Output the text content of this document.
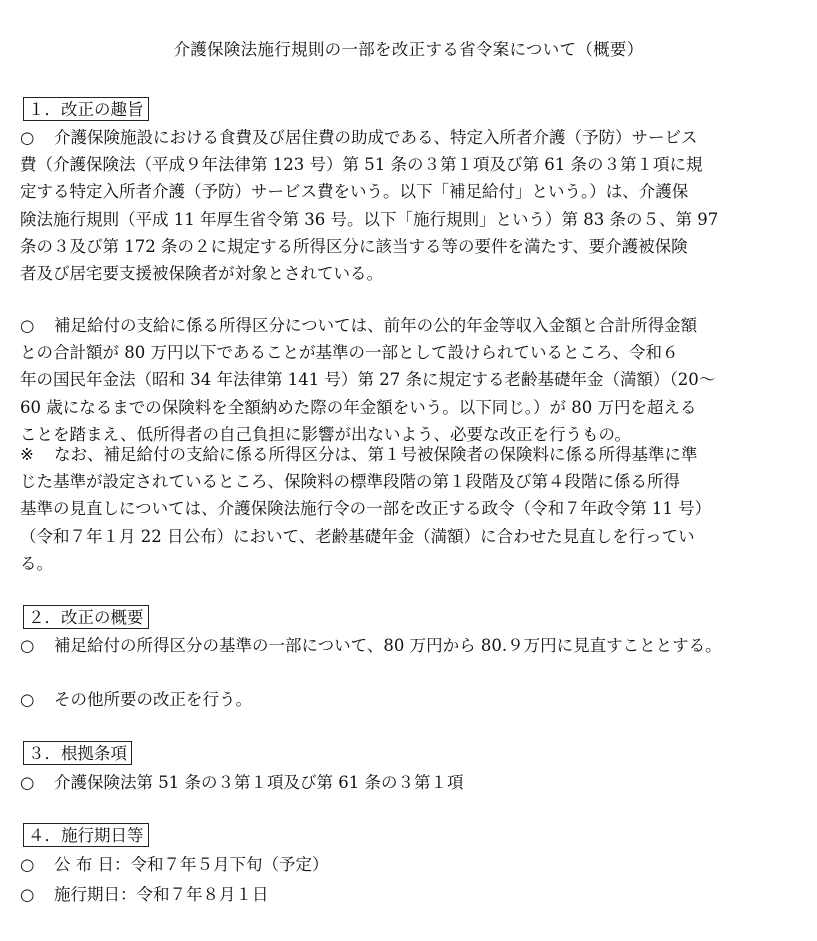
介護保険法施行規則の一部を改正する省令案について（概要）
１．改正の趣旨
○ 介護保険施設における食費及び居住費の助成である、特定入所者介護（予防）サービス
費（介護保険法（平成９年法律第 123 号）第 51 条の３第１項及び第 61 条の３第１項に規
定する特定入所者介護（予防）サービス費をいう。以下「補足給付」という。）は、介護保
険法施行規則（平成 11 年厚生省令第 36 号。以下「施行規則」という）第 83 条の５、第 97
条の３及び第 172 条の２に規定する所得区分に該当する等の要件を満たす、要介護被保険
者及び居宅要支援被保険者が対象とされている。
○ 補足給付の支給に係る所得区分については、前年の公的年金等収入金額と合計所得金額
との合計額が 80 万円以下であることが基準の一部として設けられているところ、令和６
年の国民年金法（昭和 34 年法律第 141 号）第 27 条に規定する老齢基礎年金（満額）（20～
60 歳になるまでの保険料を全額納めた際の年金額をいう。以下同じ。）が 80 万円を超える
ことを踏まえ、低所得者の自己負担に影響が出ないよう、必要な改正を行うもの。
※ なお、補足給付の支給に係る所得区分は、第１号被保険者の保険料に係る所得基準に準
じた基準が設定されているところ、保険料の標準段階の第１段階及び第４段階に係る所得
基準の見直しについては、介護保険法施行令の一部を改正する政令（令和７年政令第 11 号）
（令和７年１月 22 日公布）において、老齢基礎年金（満額）に合わせた見直しを行ってい
る。
２．改正の概要
○ 補足給付の所得区分の基準の一部について、80 万円から 80.９万円に見直すこととする。
○ その他所要の改正を行う。
３．根拠条項
○ 介護保険法第 51 条の３第１項及び第 61 条の３第１項
４．施行期日等
○ 公 布 日：令和７年５月下旬（予定）
○ 施行期日：令和７年８月１日
